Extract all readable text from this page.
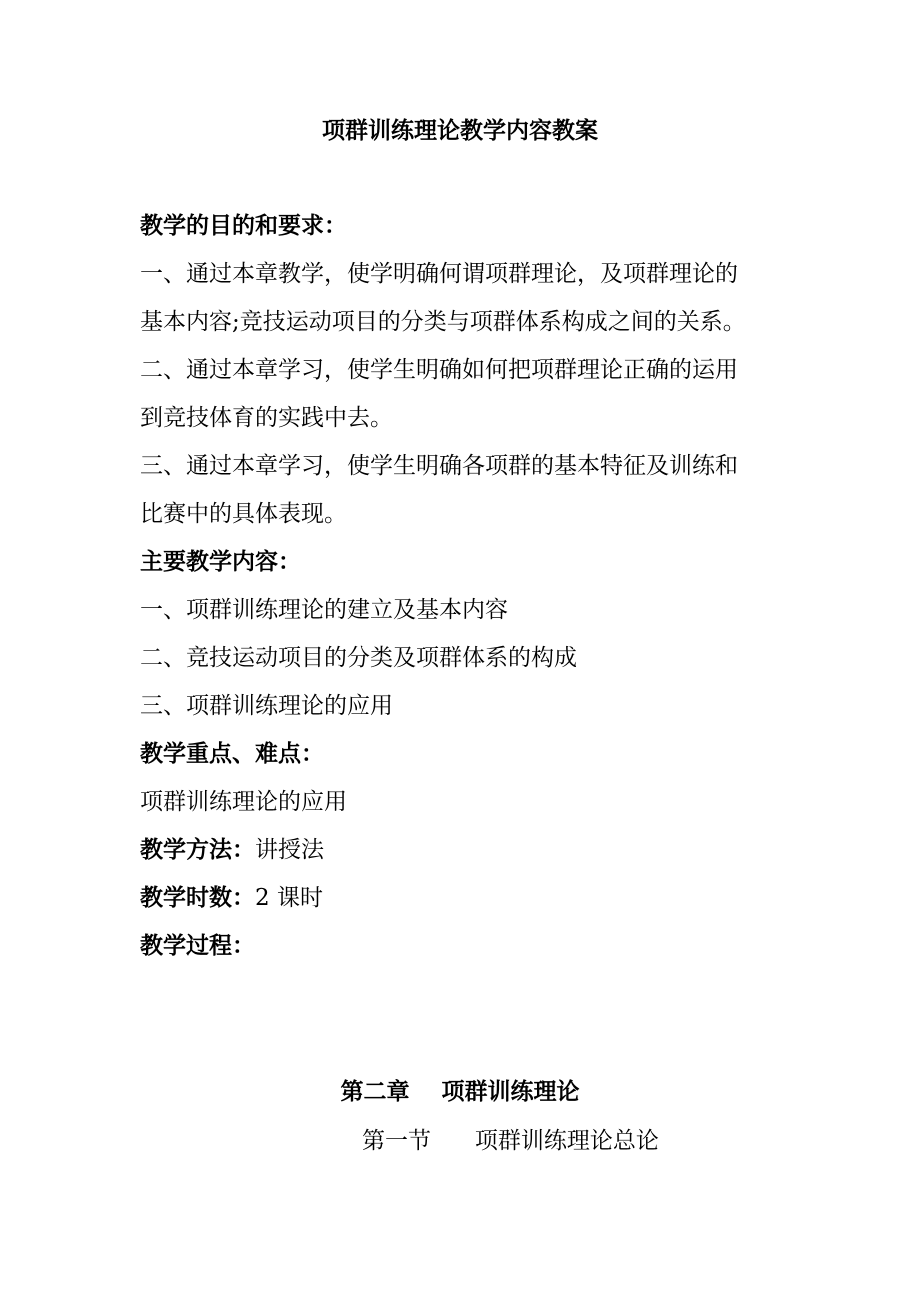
项群训练理论教学内容教案
教学的目的和要求：
一、通过本章教学，使学明确何谓项群理论，及项群理论的
基本内容;竞技运动项目的分类与项群体系构成之间的关系。
二、通过本章学习，使学生明确如何把项群理论正确的运用
到竞技体育的实践中去。
三、通过本章学习，使学生明确各项群的基本特征及训练和
比赛中的具体表现。
主要教学内容：
一、项群训练理论的建立及基本内容
二、竞技运动项目的分类及项群体系的构成
三、项群训练理论的应用
教学重点、难点：
项群训练理论的应用
教学方法：讲授法
教学时数：2 课时
教学过程：
第二章    项群训练理论
第一节      项群训练理论总论
